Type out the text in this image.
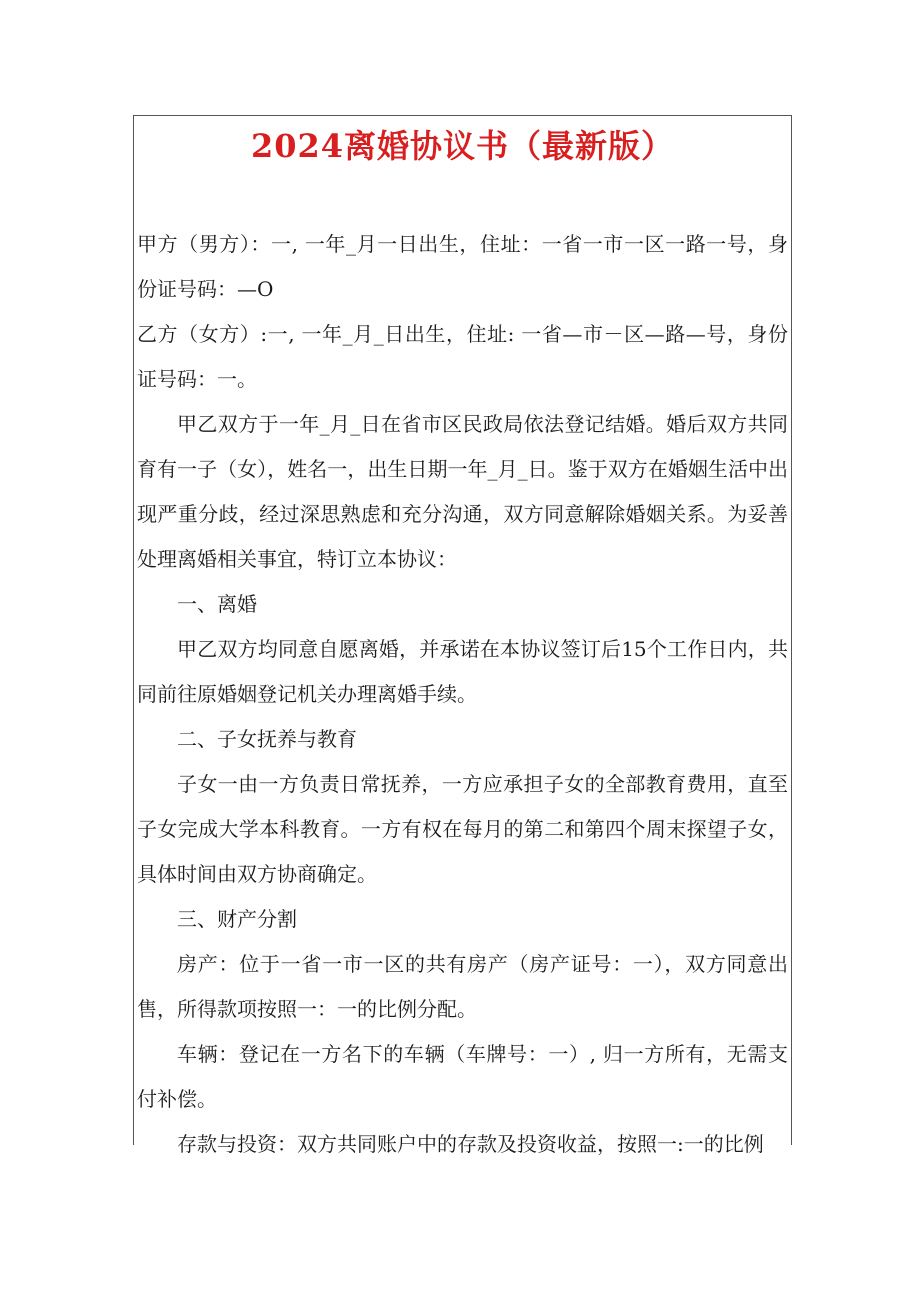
2024离婚协议书（最新版）

甲方（男方）：一, 一年_月一日出生，住址：一省一市一区一路一号，身份证号码：—O

乙方（女方）:一, 一年_月_日出生，住址: 一省—市－区—路—号，身份证号码：一。

甲乙双方于一年_月_日在省市区民政局依法登记结婚。婚后双方共同育有一子（女），姓名一，出生日期一年_月_日。鉴于双方在婚姻生活中出现严重分歧，经过深思熟虑和充分沟通，双方同意解除婚姻关系。为妥善处理离婚相关事宜，特订立本协议：

一、离婚

甲乙双方均同意自愿离婚，并承诺在本协议签订后15个工作日内，共同前往原婚姻登记机关办理离婚手续。

二、子女抚养与教育

子女一由一方负责日常抚养，一方应承担子女的全部教育费用，直至子女完成大学本科教育。一方有权在每月的第二和第四个周末探望子女，具体时间由双方协商确定。

三、财产分割

房产：位于一省一市一区的共有房产（房产证号：一），双方同意出售，所得款项按照一：一的比例分配。

车辆：登记在一方名下的车辆（车牌号：一）, 归一方所有，无需支付补偿。

存款与投资：双方共同账户中的存款及投资收益，按照一:一的比例
